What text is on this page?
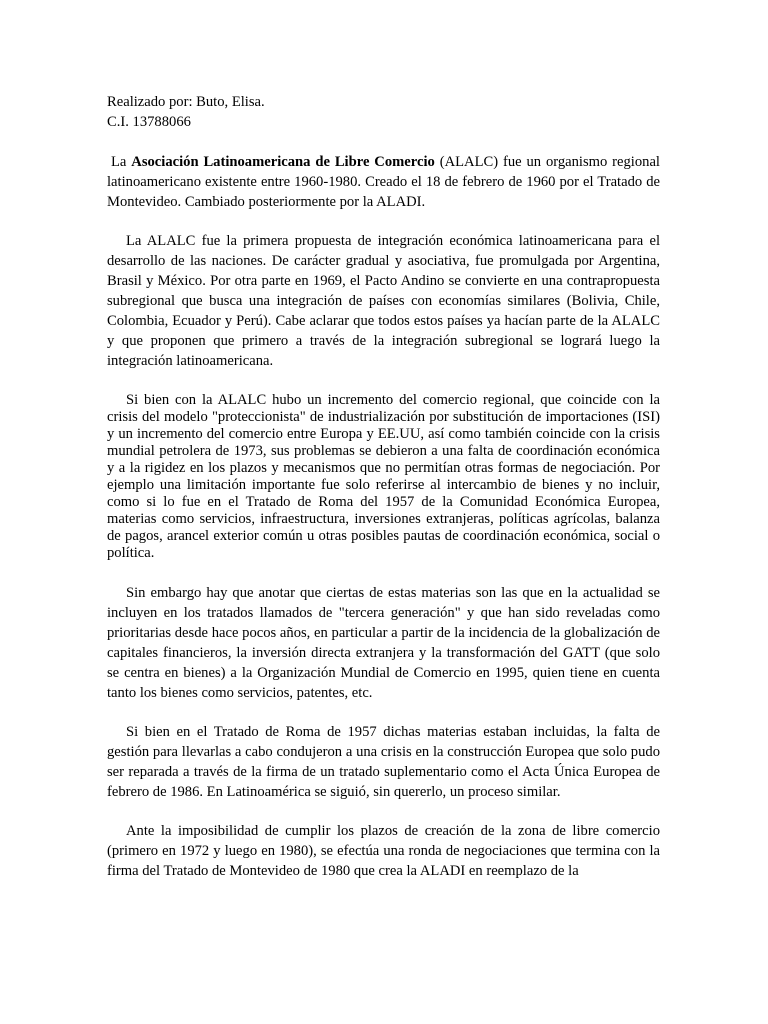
Realizado por: Buto, Elisa.

C.I. 13788066

La Asociación Latinoamericana de Libre Comercio (ALALC) fue un organismo regional latinoamericano existente entre 1960-1980. Creado el 18 de febrero de 1960 por el Tratado de Montevideo. Cambiado posteriormente por la ALADI.

La ALALC fue la primera propuesta de integración económica latinoamericana para el desarrollo de las naciones. De carácter gradual y asociativa, fue promulgada por Argentina, Brasil y México. Por otra parte en 1969, el Pacto Andino se convierte en una contrapropuesta subregional que busca una integración de países con economías similares (Bolivia, Chile, Colombia, Ecuador y Perú). Cabe aclarar que todos estos países ya hacían parte de la ALALC y que proponen que primero a través de la integración subregional se logrará luego la integración latinoamericana.

Si bien con la ALALC hubo un incremento del comercio regional, que coincide con la crisis del modelo "proteccionista" de industrialización por substitución de importaciones (ISI) y un incremento del comercio entre Europa y EE.UU, así como también coincide con la crisis mundial petrolera de 1973, sus problemas se debieron a una falta de coordinación económica y a la rigidez en los plazos y mecanismos que no permitían otras formas de negociación. Por ejemplo una limitación importante fue solo referirse al intercambio de bienes y no incluir, como si lo fue en el Tratado de Roma del 1957 de la Comunidad Económica Europea, materias como servicios, infraestructura, inversiones extranjeras, políticas agrícolas, balanza de pagos, arancel exterior común u otras posibles pautas de coordinación económica, social o política.

Sin embargo hay que anotar que ciertas de estas materias son las que en la actualidad se incluyen en los tratados llamados de "tercera generación" y que han sido reveladas como prioritarias desde hace pocos años, en particular a partir de la incidencia de la globalización de capitales financieros, la inversión directa extranjera y la transformación del GATT (que solo se centra en bienes) a la Organización Mundial de Comercio en 1995, quien tiene en cuenta tanto los bienes como servicios, patentes, etc.

Si bien en el Tratado de Roma de 1957 dichas materias estaban incluidas, la falta de gestión para llevarlas a cabo condujeron a una crisis en la construcción Europea que solo pudo ser reparada a través de la firma de un tratado suplementario como el Acta Única Europea de febrero de 1986. En Latinoamérica se siguió, sin quererlo, un proceso similar.

Ante la imposibilidad de cumplir los plazos de creación de la zona de libre comercio (primero en 1972 y luego en 1980), se efectúa una ronda de negociaciones que termina con la firma del Tratado de Montevideo de 1980 que crea la ALADI en reemplazo de la
